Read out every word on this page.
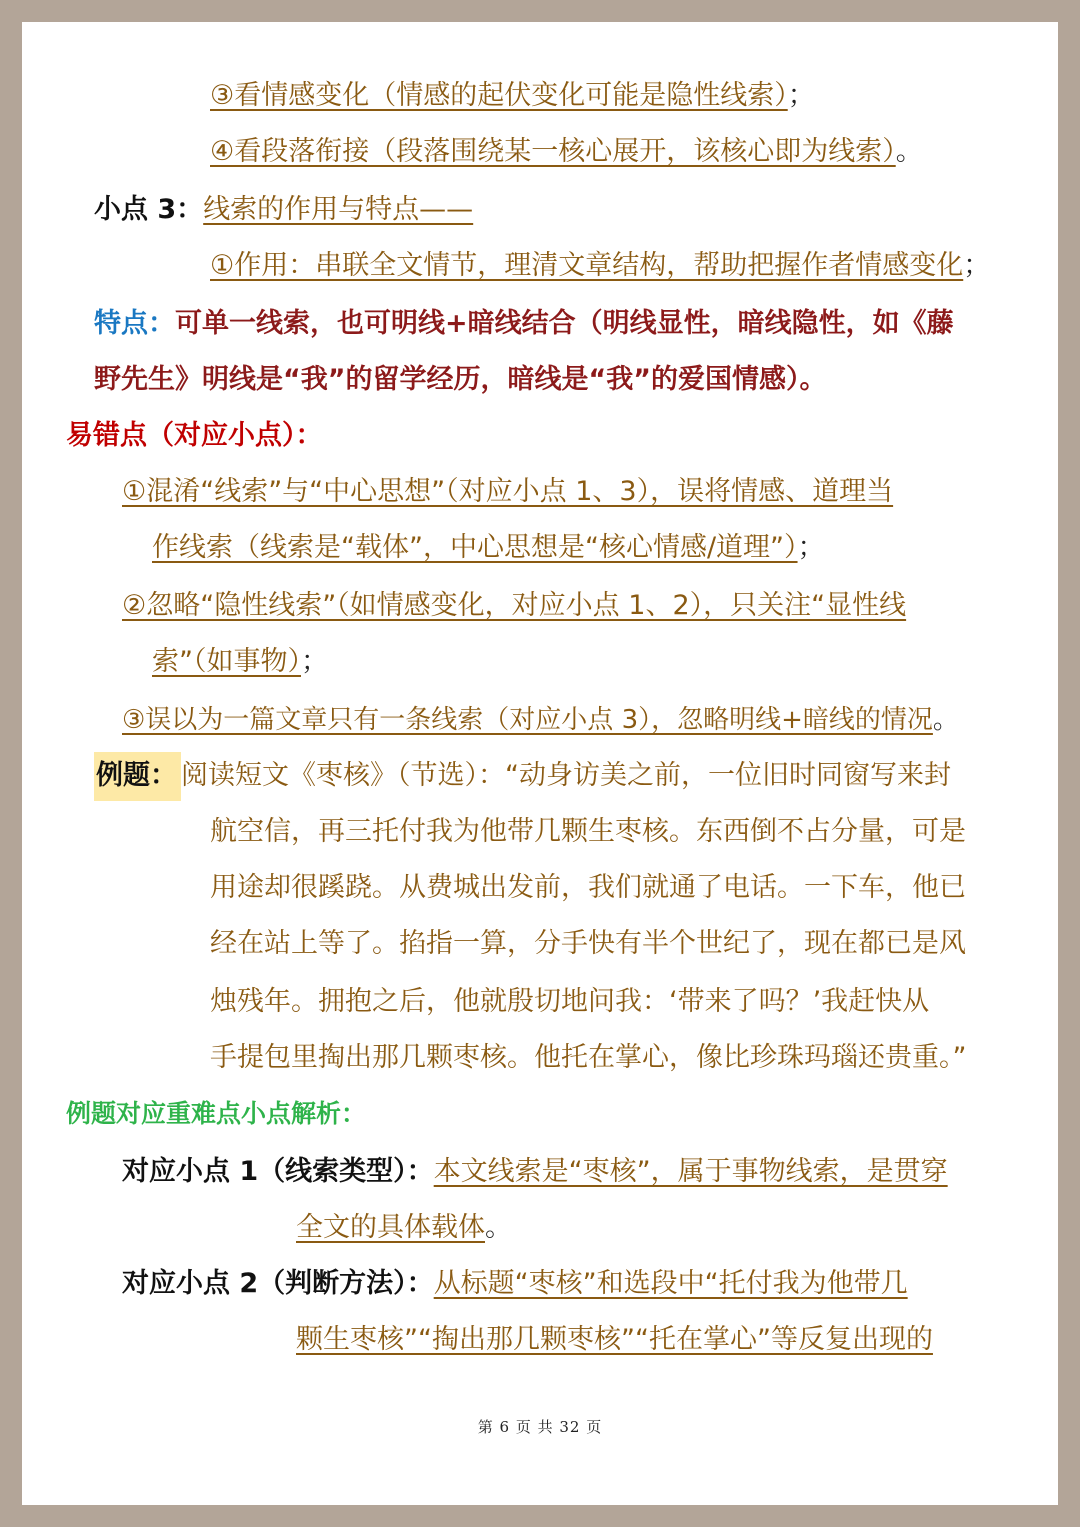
③看情感变化（情感的起伏变化可能是隐性线索）；
④看段落衔接（段落围绕某一核心展开，该核心即为线索）。
小点 3：线索的作用与特点——
①作用：串联全文情节，理清文章结构，帮助把握作者情感变化；
特点：可单一线索，也可明线+暗线结合（明线显性，暗线隐性，如《藤
野先生》明线是“我”的留学经历，暗线是“我”的爱国情感）。
易错点（对应小点）：
①混淆“线索”与“中心思想”（对应小点 1、3），误将情感、道理当
作线索（线索是“载体”，中心思想是“核心情感/道理”）；
②忽略“隐性线索”（如情感变化，对应小点 1、2），只关注“显性线
索”（如事物）；
③误以为一篇文章只有一条线索（对应小点 3），忽略明线+暗线的情况。
例题： 阅读短文《枣核》（节选）：“动身访美之前，一位旧时同窗写来封
航空信，再三托付我为他带几颗生枣核。东西倒不占分量，可是
用途却很蹊跷。从费城出发前，我们就通了电话。一下车，他已
经在站上等了。掐指一算，分手快有半个世纪了，现在都已是风
烛残年。拥抱之后，他就殷切地问我：‘带来了吗？’我赶快从
手提包里掏出那几颗枣核。他托在掌心，像比珍珠玛瑙还贵重。”
例题对应重难点小点解析：
对应小点 1（线索类型）：本文线索是“枣核”，属于事物线索，是贯穿
全文的具体载体。
对应小点 2（判断方法）：从标题“枣核”和选段中“托付我为他带几
颗生枣核”“掏出那几颗枣核”“托在掌心”等反复出现的
第 6 页 共 32 页
